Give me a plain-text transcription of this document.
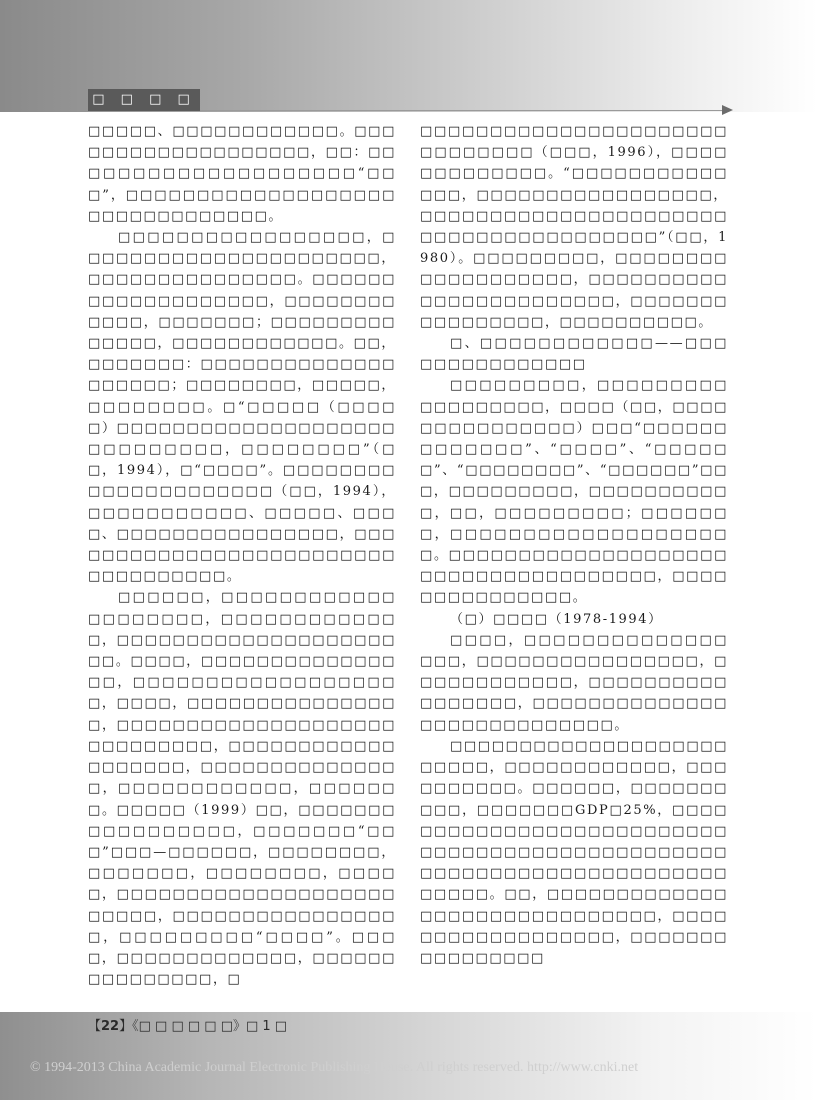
□ □ □ □

□□□□□、□□□□□□□□□□□□。□□□□□□□□□□□□□□□□□□□，□□：□□□□□□□□□□□□□□□□□□□□“□□□”，□□□□□□□□□□□□□□□□□□□□□□□□□□□□□□□□。

□□□□□□□□□□□□□□□□□，□□□□□□□□□□□□□□□□□□□□□□，□□□□□□□□□□□□□□□。□□□□□□□□□□□□□□□□□□□，□□□□□□□□□□□□，□□□□□□□；□□□□□□□□□□□□□□，□□□□□□□□□□□□。□□，□□□□□□□：□□□□□□□□□□□□□□□□□□□□；□□□□□□□□，□□□□□，□□□□□□□□。□“□□□□□（□□□□□）□□□□□□□□□□□□□□□□□□□□□□□□□□□□□，□□□□□□□□”（□□，1994），□“□□□□”。□□□□□□□□□□□□□□□□□□□□□（□□，1994），□□□□□□□□□□□、□□□□□、□□□□、□□□□□□□□□□□□□□□□，□□□□□□□□□□□□□□□□□□□□□□□□□□□□□□□□□□□。

□□□□□□，□□□□□□□□□□□□□□□□□□□□，□□□□□□□□□□□□□，□□□□□□□□□□□□□□□□□□□□□□。□□□□，□□□□□□□□□□□□□□□□，□□□□□□□□□□□□□□□□□□□，□□□□，□□□□□□□□□□□□□□□□，□□□□□□□□□□□□□□□□□□□□□□□□□□□□□，□□□□□□□□□□□□□□□□□□□，□□□□□□□□□□□□□□□，□□□□□□□□□□□□，□□□□□□□。□□□□□（1999）□□，□□□□□□□□□□□□□□□□□，□□□□□□□“□□□”□□□—□□□□□□，□□□□□□□□，□□□□□□□，□□□□□□□□，□□□□□，□□□□□□□□□□□□□□□□□□□□□□□□□，□□□□□□□□□□□□□□□□□，□□□□□□□□□“□□□□”。□□□□，□□□□□□□□□□□□□，□□□□□□□□□□□□□□□，□

□□□□□□□□□□□□□□□□□□□□□□□□□□□□□□（□□□，1996），□□□□□□□□□□□□□。“□□□□□□□□□□□□□□，□□□□□□□□□□□□□□□□□，□□□□□□□□□□□□□□□□□□□□□□□□□□□□□□□□□□□□□□□”（□□，1980）。□□□□□□□□□，□□□□□□□□□□□□□□□□□□□，□□□□□□□□□□□□□□□□□□□□□□□□，□□□□□□□□□□□□□□□□，□□□□□□□□□□。

□、□□□□□□□□□□□□——□□□□□□□□□□□□□□□

□□□□□□□□□，□□□□□□□□□□□□□□□□□□，□□□□（□□，□□□□□□□□□□□□□□□）□□□“□□□□□□□□□□□□□”、“□□□□”、“□□□□□□”、“□□□□□□□□”、“□□□□□□”□□□，□□□□□□□□□，□□□□□□□□□□□，□□，□□□□□□□□□；□□□□□□□，□□□□□□□□□□□□□□□□□□□□。□□□□□□□□□□□□□□□□□□□□□□□□□□□□□□□□□□□□□，□□□□□□□□□□□□□□□。

（□）□□□□（1978-1994）

□□□□，□□□□□□□□□□□□□□□□□，□□□□□□□□□□□□□□□□，□□□□□□□□□□□□，□□□□□□□□□□□□□□□□□，□□□□□□□□□□□□□□□□□□□□□□□□□□□□。

□□□□□□□□□□□□□□□□□□□□□□□□□，□□□□□□□□□□□□，□□□□□□□□□□。□□□□□□，□□□□□□□□□□，□□□□□□□GDP□25%，□□□□□□□□□□□□□□□□□□□□□□□□□□□□□□□□□□□□□□□□□□□□□□□□□□□□□□□□□□□□□□□□□□□□□□□□□□□。□□，□□□□□□□□□□□□□□□□□□□□□□□□□□□□□□，□□□□□□□□□□□□□□□□□□，□□□□□□□□□□□□□□□□

【22】《□ □ □ □ □ □》□ 1 □
© 1994-2013 China Academic Journal Electronic Publishing House. All rights reserved. http://www.cnki.net
